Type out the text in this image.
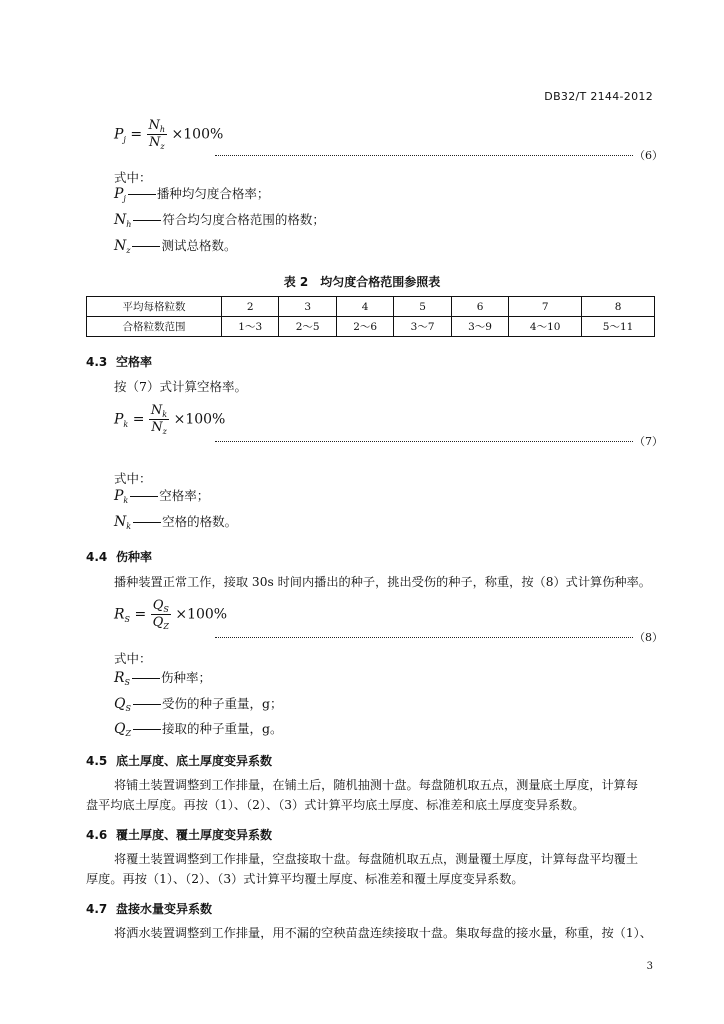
DB32/T 2144-2012
$P_j = \frac{N_h}{N_z} \times 100\%$
（6）
式中：
$P_j$ 播种均匀度合格率；
$N_h$ 符合均匀度合格范围的格数；
$N_z$ 测试总格数。
表 2　均匀度合格范围参照表
平均每格粒数	2	3	4	5	6	7	8
合格粒数范围	1～3	2～5	2～6	3～7	3～9	4～10	5～11
4.3 空格率
按（7）式计算空格率。
$P_k = \frac{N_k}{N_z} \times 100\%$
（7）
式中：
$P_k$ 空格率；
$N_k$ 空格的格数。
4.4 伤种率
播种装置正常工作，接取 30s 时间内播出的种子，挑出受伤的种子，称重，按（8）式计算伤种率。
$R_S = \frac{Q_S}{Q_Z} \times 100\%$
（8）
式中：
$R_S$ 伤种率；
$Q_S$ 受伤的种子重量，g；
$Q_Z$ 接取的种子重量，g。
4.5 底土厚度、底土厚度变异系数
将铺土装置调整到工作排量，在铺土后，随机抽测十盘。每盘随机取五点，测量底土厚度，计算每
盘平均底土厚度。再按（1）、（2）、（3）式计算平均底土厚度、标准差和底土厚度变异系数。
4.6 覆土厚度、覆土厚度变异系数
将覆土装置调整到工作排量，空盘接取十盘。每盘随机取五点，测量覆土厚度，计算每盘平均覆土
厚度。再按（1）、（2）、（3）式计算平均覆土厚度、标准差和覆土厚度变异系数。
4.7 盘接水量变异系数
将洒水装置调整到工作排量，用不漏的空秧苗盘连续接取十盘。集取每盘的接水量，称重，按（1）、
3
